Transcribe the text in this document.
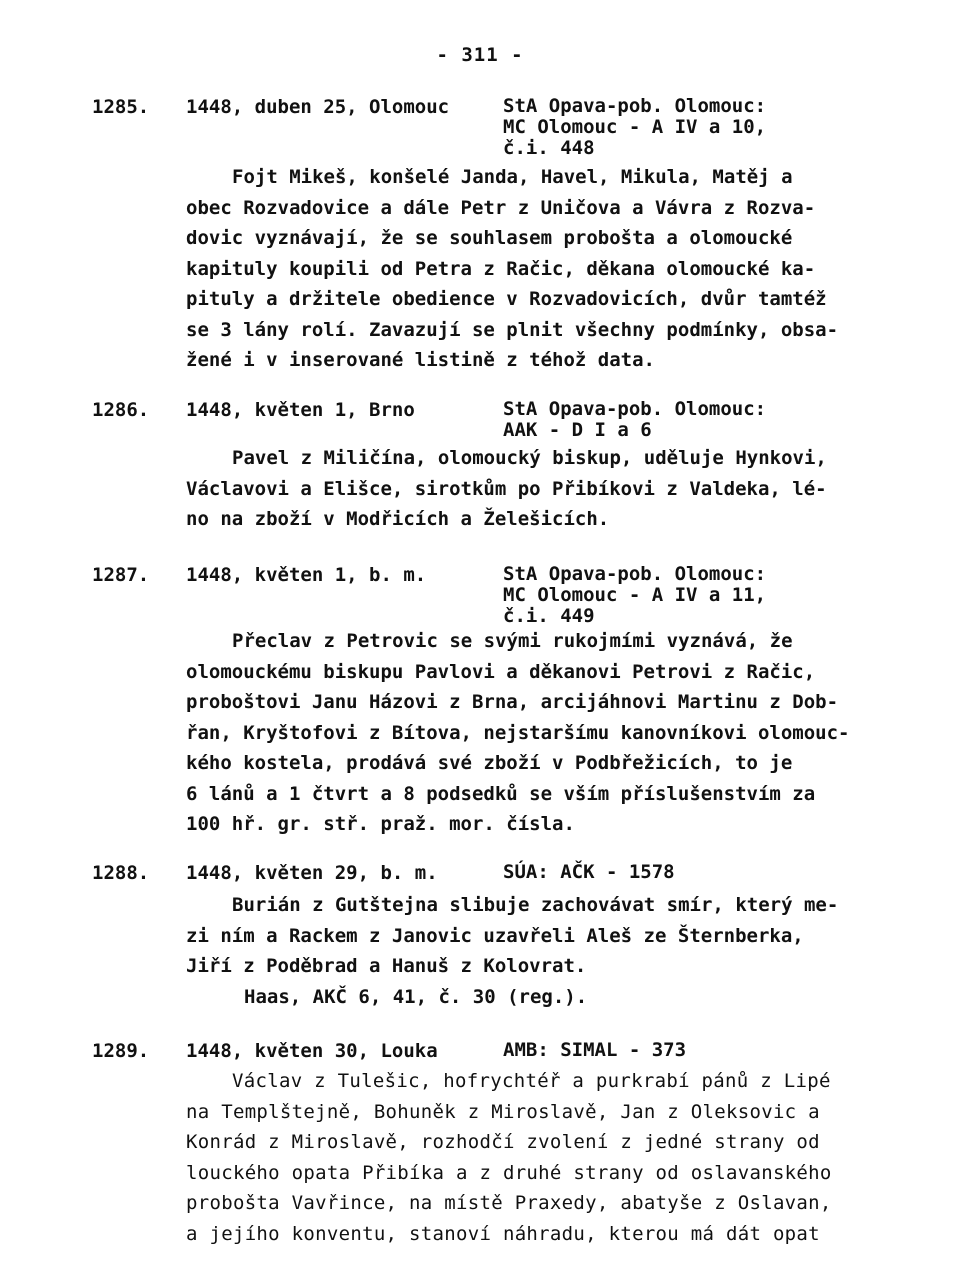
- 311 -
1285. 1448, duben 25, Olomouc	StA Opava-pob. Olomouc:
MC Olomouc - A IV a 10,
č.i. 448
Fojt Mikeš, konšelé Janda, Havel, Mikula, Matěj a
obec Rozvadovice a dále Petr z Uničova a Vávra z Rozva-
dovic vyznávají, že se souhlasem probošta a olomoucké
kapituly koupili od Petra z Račic, děkana olomoucké ka-
pituly a držitele obedience v Rozvadovicích, dvůr tamtéž
se 3 lány rolí. Zavazují se plnit všechny podmínky, obsa-
žené i v inserované listině z téhož data.
1286. 1448, květen 1, Brno	StA Opava-pob. Olomouc:
AAK - D I a 6
Pavel z Miličína, olomoucký biskup, uděluje Hynkovi,
Václavovi a Elišce, sirotkům po Přibíkovi z Valdeka, lé-
no na zboží v Modřicích a Želešicích.
1287. 1448, květen 1, b. m.	StA Opava-pob. Olomouc:
MC Olomouc - A IV a 11,
č.i. 449
Přeclav z Petrovic se svými rukojmími vyznává, že
olomouckému biskupu Pavlovi a děkanovi Petrovi z Račic,
proboštovi Janu Házovi z Brna, arcijáhnovi Martinu z Dob-
řan, Kryštofovi z Bítova, nejstaršímu kanovníkovi olomouc-
kého kostela, prodává své zboží v Podbřežicích, to je
6 lánů a 1 čtvrt a 8 podsedků se vším příslušenstvím za
100 hř. gr. stř. praž. mor. čísla.
1288. 1448, květen 29, b. m.	SÚA: AČK - 1578
Burián z Gutštejna slibuje zachovávat smír, který me-
zi ním a Rackem z Janovic uzavřeli Aleš ze Šternberka,
Jiří z Poděbrad a Hanuš z Kolovrat.
Haas, AKČ 6, 41, č. 30 (reg.).
1289. 1448, květen 30, Louka	AMB: SIMAL - 373
Václav z Tulešic, hofrychtéř a purkrabí pánů z Lipé
na Templštejně, Bohuněk z Miroslavě, Jan z Oleksovic a
Konrád z Miroslavě, rozhodčí zvolení z jedné strany od
louckého opata Přibíka a z druhé strany od oslavanského
probošta Vavřince, na místě Praxedy, abatyše z Oslavan,
a jejího konventu, stanoví náhradu, kterou má dát opat
